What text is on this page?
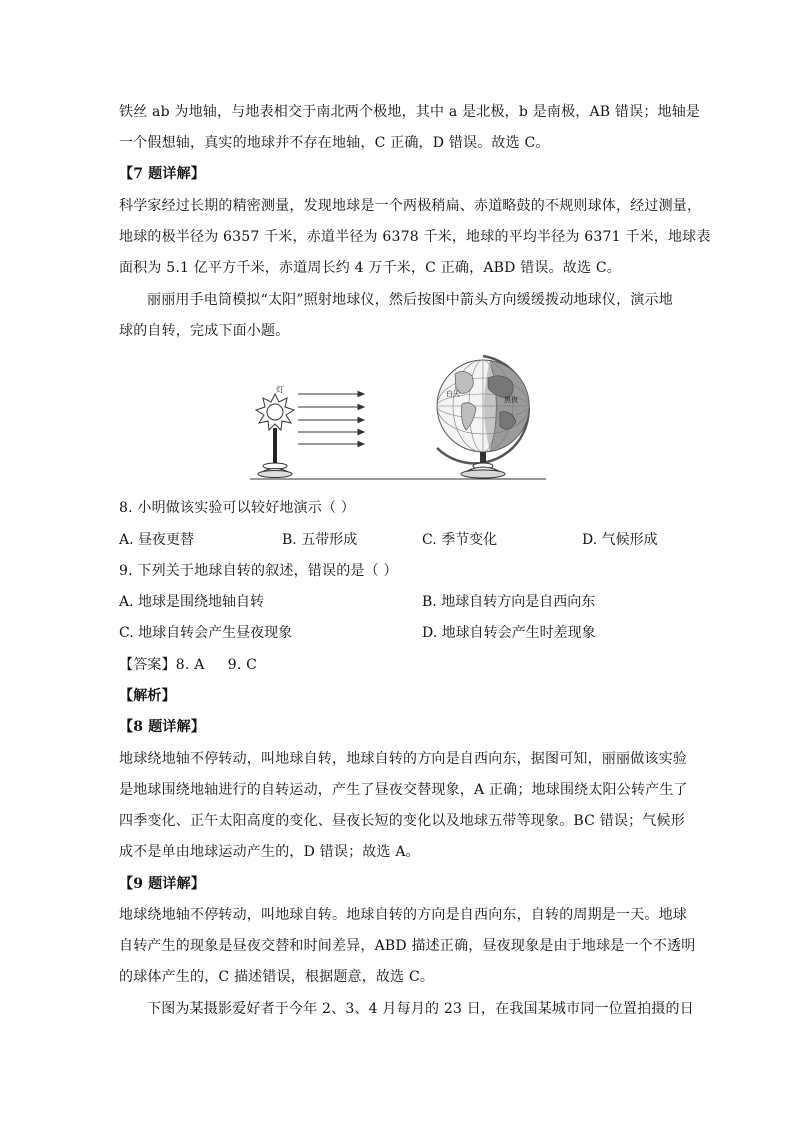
铁丝 ab 为地轴，与地表相交于南北两个极地，其中 a 是北极，b 是南极，AB 错误；地轴是
一个假想轴，真实的地球并不存在地轴，C 正确，D 错误。故选 C。
【7 题详解】
科学家经过长期的精密测量，发现地球是一个两极稍扁、赤道略鼓的不规则球体，经过测量，
地球的极半径为 6357 千米，赤道半径为 6378 千米，地球的平均半径为 6371 千米，地球表
面积为 5.1 亿平方千米，赤道周长约 4 万千米，C 正确，ABD 错误。故选 C。
丽丽用手电筒模拟“太阳”照射地球仪，然后按图中箭头方向缓缓拨动地球仪，演示地
球的自转，完成下面小题。
灯	白天
黑夜
8. 小明做该实验可以较好地演示（ ）
A. 昼夜更替	B. 五带形成	C. 季节变化	D. 气候形成
9. 下列关于地球自转的叙述，错误的是（ ）
A. 地球是围绕地轴自转	B. 地球自转方向是自西向东
C. 地球自转会产生昼夜现象	D. 地球自转会产生时差现象
【答案】8. A     9. C
【解析】
【8 题详解】
地球绕地轴不停转动，叫地球自转，地球自转的方向是自西向东，据图可知，丽丽做该实验
是地球围绕地轴进行的自转运动，产生了昼夜交替现象，A 正确；地球围绕太阳公转产生了
四季变化、正午太阳高度的变化、昼夜长短的变化以及地球五带等现象。BC 错误；气候形
成不是单由地球运动产生的，D 错误；故选 A。
【9 题详解】
地球绕地轴不停转动，叫地球自转。地球自转的方向是自西向东，自转的周期是一天。地球
自转产生的现象是昼夜交替和时间差异，ABD 描述正确，昼夜现象是由于地球是一个不透明
的球体产生的，C 描述错误，根据题意，故选 C。
下图为某摄影爱好者于今年 2、3、4 月每月的 23 日，在我国某城市同一位置拍摄的日
